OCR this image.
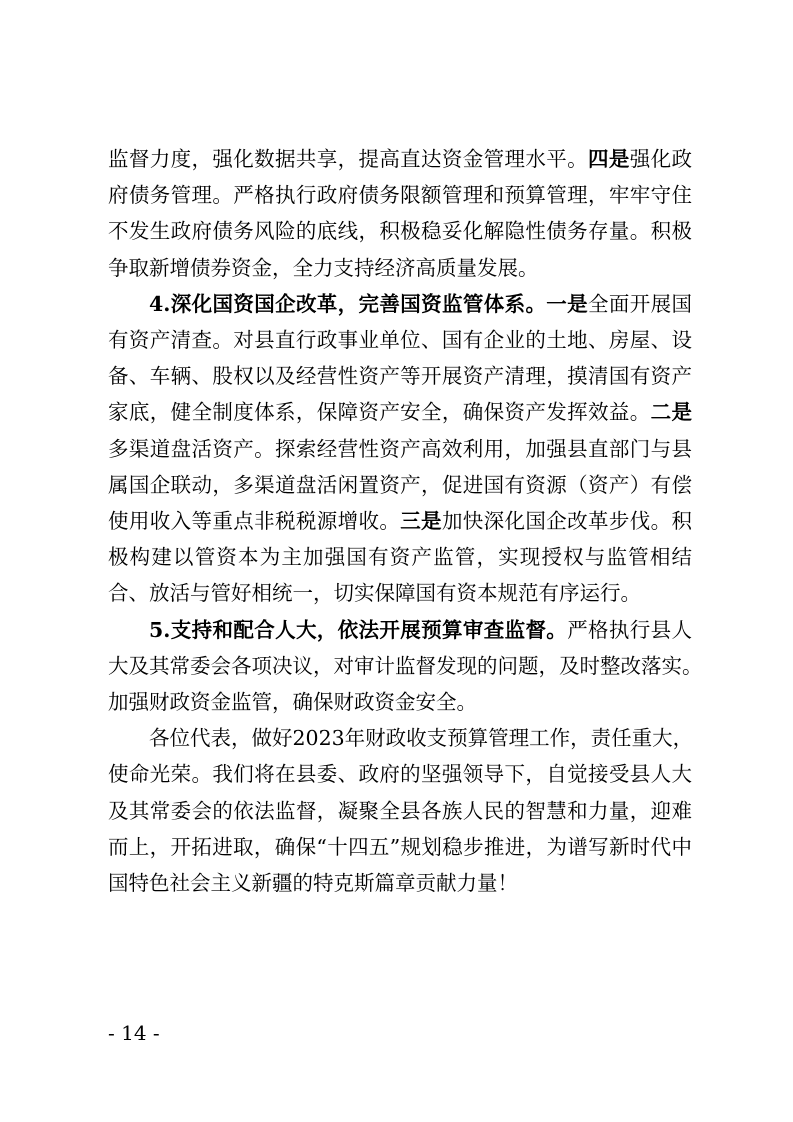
监督力度，强化数据共享，提高直达资金管理水平。四是强化政
府债务管理。严格执行政府债务限额管理和预算管理，牢牢守住
不发生政府债务风险的底线，积极稳妥化解隐性债务存量。积极
争取新增债券资金，全力支持经济高质量发展。

4.深化国资国企改革，完善国资监管体系。一是全面开展国
有资产清查。对县直行政事业单位、国有企业的土地、房屋、设
备、车辆、股权以及经营性资产等开展资产清理，摸清国有资产
家底，健全制度体系，保障资产安全，确保资产发挥效益。二是
多渠道盘活资产。探索经营性资产高效利用，加强县直部门与县
属国企联动，多渠道盘活闲置资产，促进国有资源（资产）有偿
使用收入等重点非税税源增收。三是加快深化国企改革步伐。积
极构建以管资本为主加强国有资产监管，实现授权与监管相结
合、放活与管好相统一，切实保障国有资本规范有序运行。

5.支持和配合人大，依法开展预算审查监督。严格执行县人
大及其常委会各项决议，对审计监督发现的问题，及时整改落实。
加强财政资金监管，确保财政资金安全。

各位代表，做好2023年财政收支预算管理工作，责任重大，
使命光荣。我们将在县委、政府的坚强领导下，自觉接受县人大
及其常委会的依法监督，凝聚全县各族人民的智慧和力量，迎难
而上，开拓进取，确保“十四五”规划稳步推进，为谱写新时代中
国特色社会主义新疆的特克斯篇章贡献力量！

- 14 -
